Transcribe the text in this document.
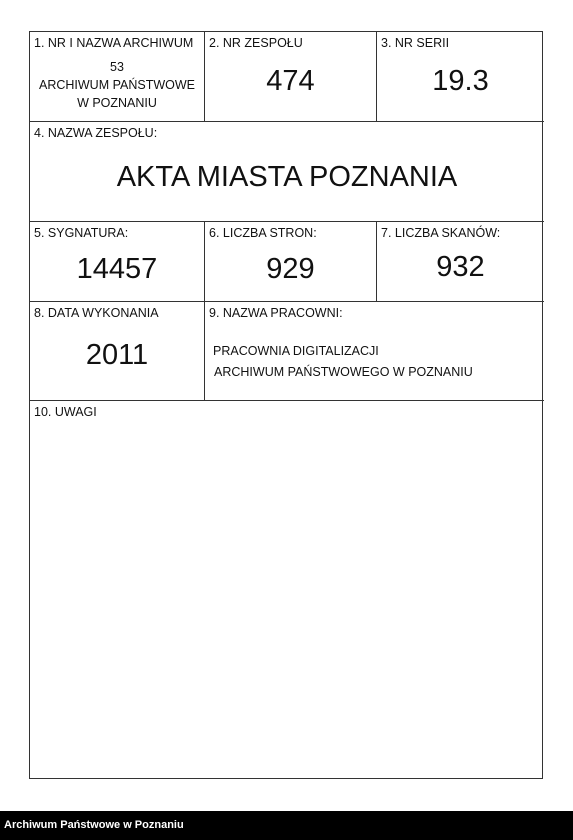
1. NR I NAZWA ARCHIWUM
53
ARCHIWUM PAŃSTWOWE
W POZNANIU
2. NR ZESPOŁU
474
3. NR SERII
19.3
4. NAZWA ZESPOŁU:
AKTA MIASTA POZNANIA
5. SYGNATURA:
14457
6. LICZBA STRON:
929
7. LICZBA SKANÓW:
932
8. DATA WYKONANIA
2011
9. NAZWA PRACOWNI:
PRACOWNIA DIGITALIZACJI
ARCHIWUM PAŃSTWOWEGO W POZNANIU
10. UWAGI
Archiwum Państwowe w Poznaniu
